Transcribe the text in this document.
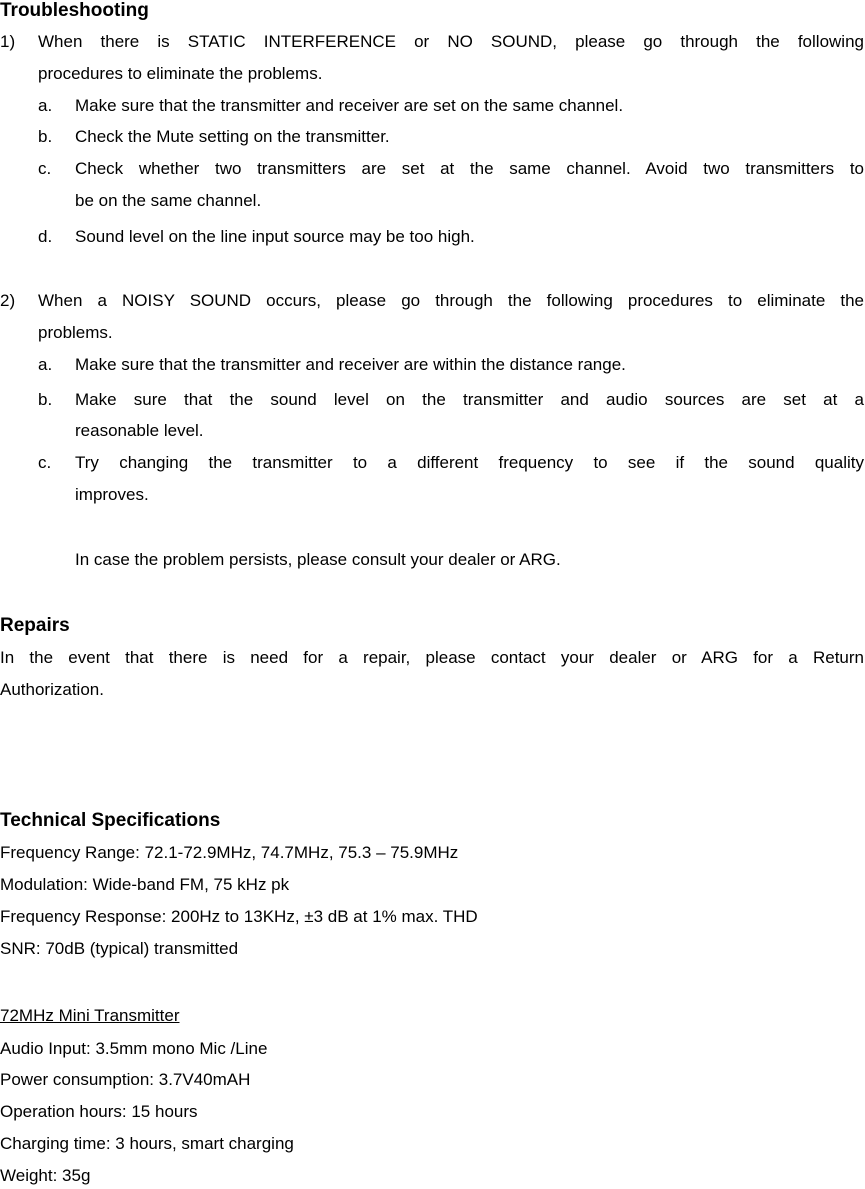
Troubleshooting
1) When there is STATIC INTERFERENCE or NO SOUND, please go through the following
procedures to eliminate the problems.
a. Make sure that the transmitter and receiver are set on the same channel.
b. Check the Mute setting on the transmitter.
c. Check whether two transmitters are set at the same channel. Avoid two transmitters to
be on the same channel.
d. Sound level on the line input source may be too high.
2) When a NOISY SOUND occurs, please go through the following procedures to eliminate the
problems.
a. Make sure that the transmitter and receiver are within the distance range.
b. Make sure that the sound level on the transmitter and audio sources are set at a
reasonable level.
c. Try changing the transmitter to a different frequency to see if the sound quality
improves.
In case the problem persists, please consult your dealer or ARG.
Repairs
In the event that there is need for a repair, please contact your dealer or ARG for a Return
Authorization.
Technical Specifications
Frequency Range: 72.1-72.9MHz, 74.7MHz, 75.3 – 75.9MHz
Modulation: Wide-band FM, 75 kHz pk
Frequency Response: 200Hz to 13KHz, ±3 dB at 1% max. THD
SNR: 70dB (typical) transmitted
72MHz Mini Transmitter
Audio Input: 3.5mm mono Mic /Line
Power consumption: 3.7V40mAH
Operation hours: 15 hours
Charging time: 3 hours, smart charging
Weight: 35g
